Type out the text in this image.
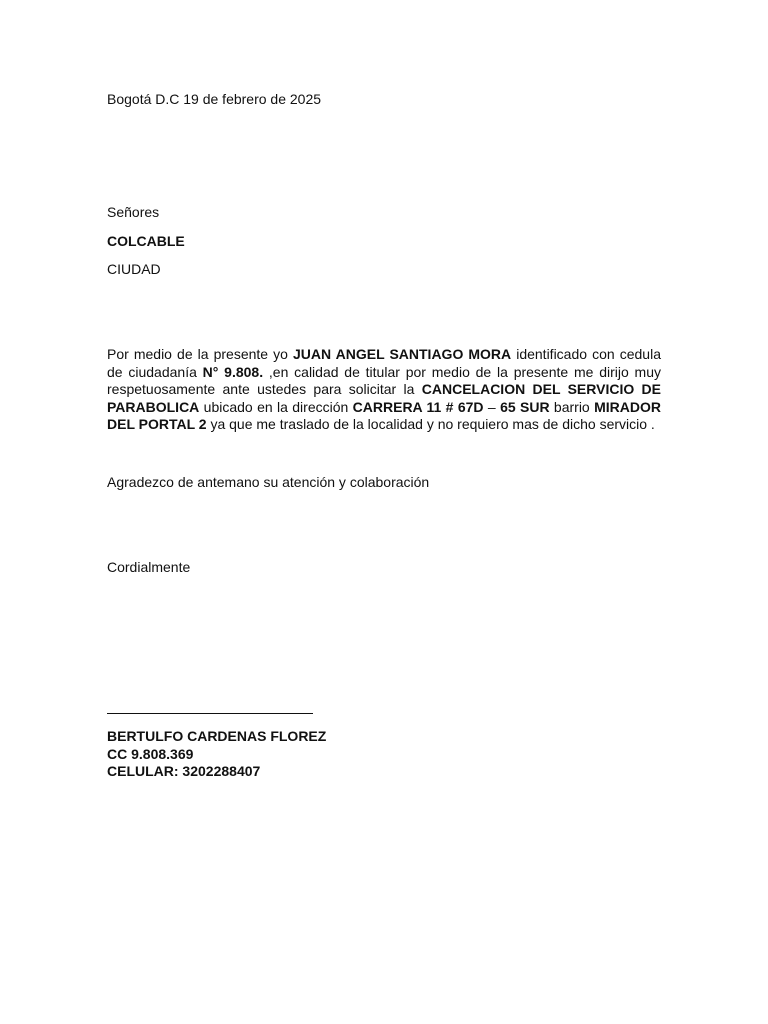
Bogotá D.C 19 de febrero de 2025
Señores
COLCABLE
CIUDAD
Por medio de la presente yo JUAN ANGEL SANTIAGO MORA identificado con cedula de ciudadanía N° 9.808. ,en calidad de titular por medio de la presente me dirijo muy respetuosamente ante ustedes para solicitar la CANCELACION DEL SERVICIO DE PARABOLICA ubicado en la dirección CARRERA 11 # 67D – 65 SUR barrio MIRADOR DEL PORTAL 2 ya que me traslado de la localidad y no requiero mas de dicho servicio .
Agradezco de antemano su atención y colaboración
Cordialmente
BERTULFO CARDENAS FLOREZ
CC 9.808.369
CELULAR: 3202288407
